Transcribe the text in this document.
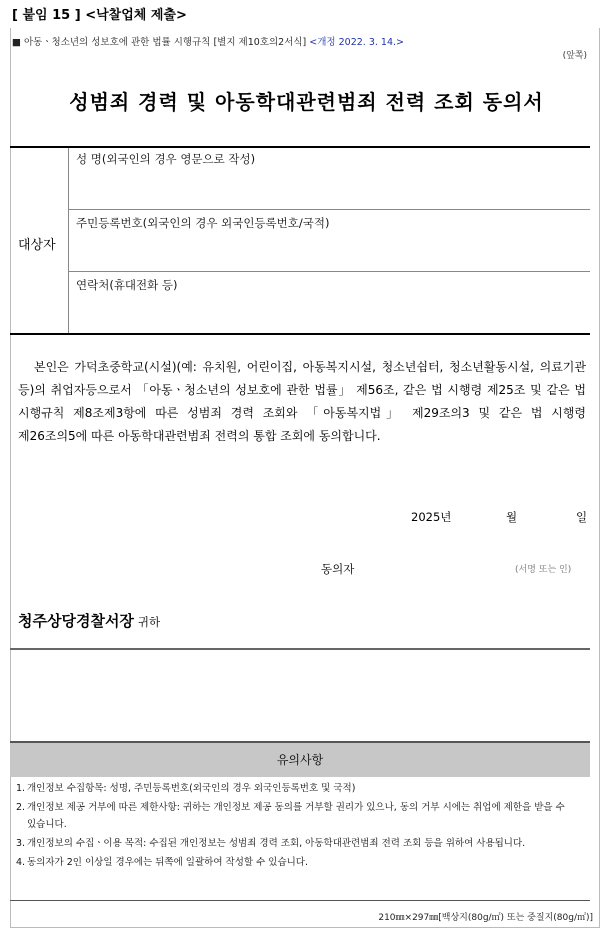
[ 붙임 15 ] <낙찰업체 제출>
■ 아동ㆍ청소년의 성보호에 관한 법률 시행규칙 [별지 제10호의2서식] <개정 2022. 3. 14.>
(앞쪽)
성범죄 경력 및 아동학대관련범죄 전력 조회 동의서
대상자
성 명(외국인의 경우 영문으로 작성)
주민등록번호(외국인의 경우 외국인등록번호/국적)
연락처(휴대전화 등)
본인은 가덕초중학교(시설)(예: 유치원, 어린이집, 아동복지시설, 청소년쉼터, 청소년활동시설, 의료기관 등)의 취업자등으로서 「아동ㆍ청소년의 성보호에 관한 법률」 제56조, 같은 법 시행령 제25조 및 같은 법 시행규칙 제8조제3항에 따른 성범죄 경력 조회와 「아동복지법」 제29조의3 및 같은 법 시행령 제26조의5에 따른 아동학대관련범죄 전력의 통합 조회에 동의합니다.
2025년	월	일
동의자	(서명 또는 인)
청주상당경찰서장 귀하
유의사항
1. 개인정보 수집항목: 성명, 주민등록번호(외국인의 경우 외국인등록번호 및 국적)
2. 개인정보 제공 거부에 따른 제한사항: 귀하는 개인정보 제공 동의를 거부할 권리가 있으나, 동의 거부 시에는 취업에 제한을 받을 수 있습니다.
3. 개인정보의 수집ㆍ이용 목적: 수집된 개인정보는 성범죄 경력 조회, 아동학대관련범죄 전력 조회 등을 위하여 사용됩니다.
4. 동의자가 2인 이상일 경우에는 뒤쪽에 일괄하여 작성할 수 있습니다.
210㎜×297㎜[백상지(80g/㎡) 또는 중질지(80g/㎡)]
